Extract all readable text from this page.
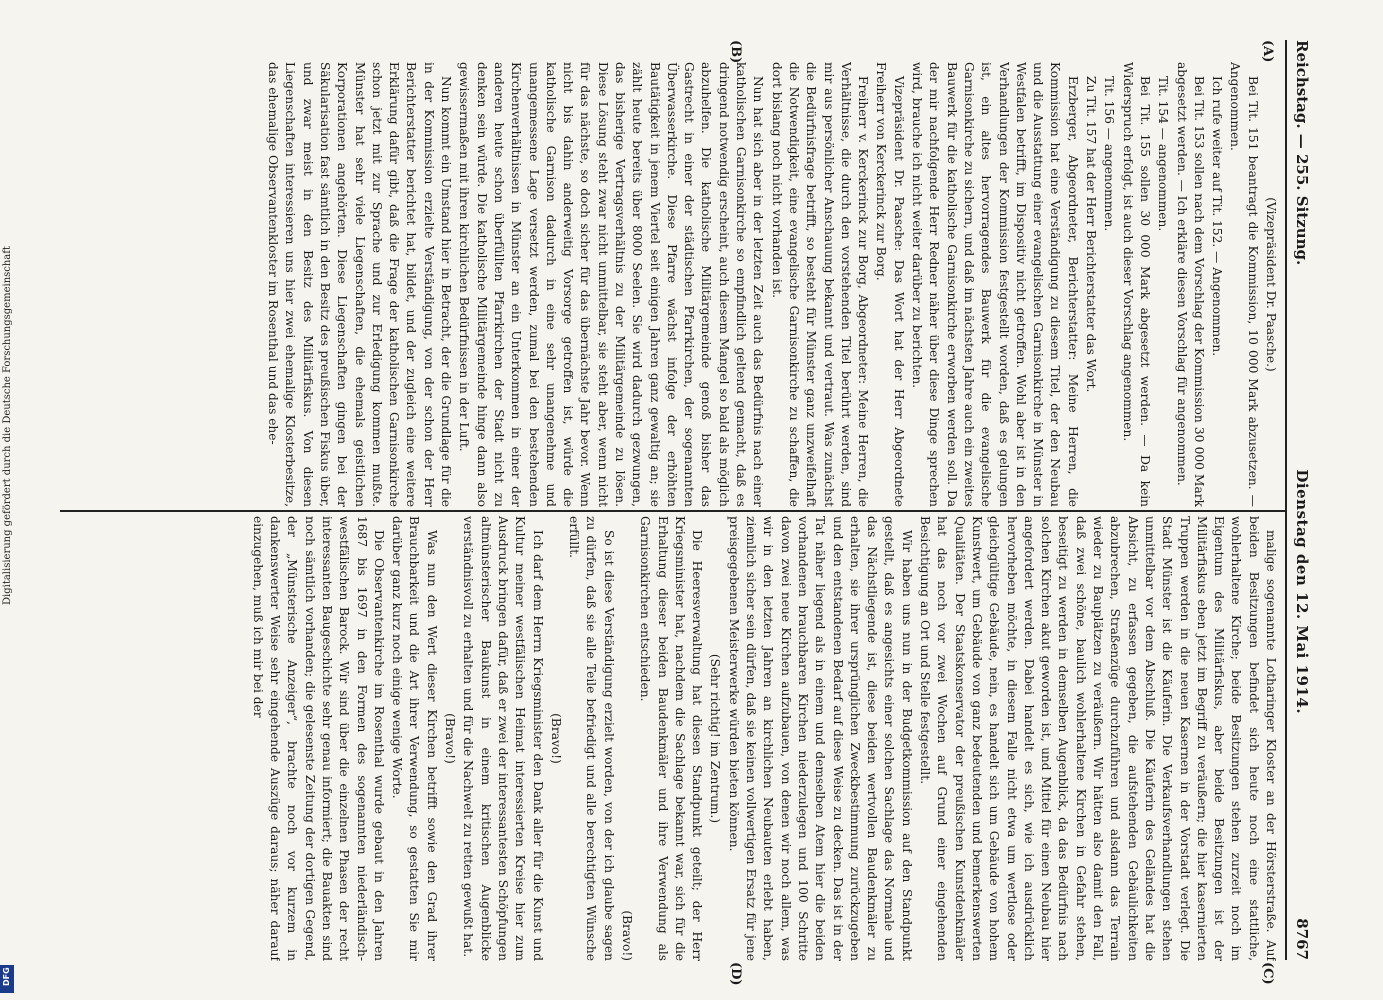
Reichstag. — 255. Sitzung.
Dienstag den 12. Mai 1914.
8767
(A)
(B)
(C)
(D)

(Vizepräsident Dr. Paasche.)

Bei Tit. 151 beantragt die Kommission, 10 000 Mark abzusetzen. — Angenommen.

Ich rufe weiter auf Tit. 152. — Angenommen.

Bei Tit. 153 sollen nach dem Vorschlag der Kommission 30 000 Mark abgesetzt werden. — Ich erkläre diesen Vorschlag für angenommen.

Tit. 154 — angenommen.

Bei Tit. 155 sollen 30 000 Mark abgesetzt werden. — Da kein Widerspruch erfolgt, ist auch dieser Vorschlag angenommen.

Tit. 156 — angenommen.

Zu Tit. 157 hat der Herr Berichterstatter das Wort.

Erzberger, Abgeordneter, Berichterstatter: Meine Herren, die Kommission hat eine Verständigung zu diesem Titel, der den Neubau und die Ausstattung einer evangelischen Garnisonkirche in Münster in Westfalen betrifft, im Dispositiv nicht getroffen. Wohl aber ist in den Verhandlungen der Kommission festgestellt worden, daß es gelungen ist, ein altes hervorragendes Bauwerk für die evangelische Garnisonkirche zu sichern, und daß im nächsten Jahre auch ein zweites Bauwerk für die katholische Garnisonkirche erworben werden soll. Da der mir nachfolgende Herr Redner näher über diese Dinge sprechen wird, brauche ich nicht weiter darüber zu berichten.

Vizepräsident Dr. Paasche: Das Wort hat der Herr Abgeordnete Freiherr von Kerckerinck zur Borg.

Freiherr v. Kerckerinck zur Borg, Abgeordneter: Meine Herren, die Verhältnisse, die durch den vorstehenden Titel berührt werden, sind mir aus persönlicher Anschauung bekannt und vertraut. Was zunächst die Bedürfnisfrage betrifft, so besteht für Münster ganz unzweifelhaft die Notwendigkeit, eine evangelische Garnisonkirche zu schaffen, die dort bislang noch nicht vorhanden ist.

Nun hat sich aber in der letzten Zeit auch das Bedürfnis nach einer katholischen Garnisonkirche so empfindlich geltend gemacht, daß es dringend notwendig erscheint, auch diesem Mangel so bald als möglich abzuhelfen. Die katholische Militärgemeinde genoß bisher das Gastrecht in einer der städtischen Pfarrkirchen, der sogenannten Überwasserkirche. Diese Pfarre wächst infolge der erhöhten Bautätigkeit in jenem Viertel seit einigen Jahren ganz gewaltig an; sie zählt heute bereits über 8000 Seelen. Sie wird dadurch gezwungen, das bisherige Vertragsverhältnis zu der Militärgemeinde zu lösen. Diese Lösung steht zwar nicht unmittelbar, sie steht aber, wenn nicht für das nächste, so doch sicher für das übernächste Jahr bevor. Wenn nicht bis dahin anderweitig Vorsorge getroffen ist, würde die katholische Garnison dadurch in eine sehr unangenehme und unangemessene Lage versetzt werden, zumal bei den bestehenden Kirchenverhältnissen in Münster an ein Unterkommen in einer der anderen heute schon überfüllten Pfarrkirchen der Stadt nicht zu denken sein würde. Die katholische Militärgemeinde hinge dann also gewissermaßen mit ihren kirchlichen Bedürfnissen in der Luft.

Nun kommt ein Umstand hier in Betracht, der die Grundlage für die in der Kommission erzielte Verständigung, von der schon der Herr Berichterstatter berichtet hat, bildet, und der zugleich eine weitere Erklärung dafür gibt, daß die Frage der katholischen Garnisonkirche schon jetzt mit zur Sprache und zur Erledigung kommen mußte. Münster hat sehr viele Liegenschaften, die ehemals geistlichen Korporationen angehörten. Diese Liegenschaften gingen bei der Säkularisation fast sämtlich in den Besitz des preußischen Fiskus über, und zwar meist in den Besitz des Militärfiskus. Von diesen Liegenschaften interessieren uns hier zwei ehemalige Klosterbesitze, das ehemalige Observantenkloster im Rosenthal und das ehe-

malige sogenannte Lotharinger Kloster an der Hörsterstraße. Auf beiden Besitzungen befindet sich heute noch eine stattliche, wohlerhaltene Kirche; beide Besitzungen stehen zurzeit noch im Eigentum des Militärfiskus, aber beide Besitzungen ist der Militärfiskus eben jetzt im Begriff zu veräußern; die hier kasernierten Truppen werden in die neuen Kasernen in der Vorstadt verlegt. Die Stadt Münster ist die Käuferin. Die Verkaufsverhandlungen stehen unmittelbar vor dem Abschluß. Die Käuferin des Geländes hat die Absicht, zu erfassen gegeben, die aufstehenden Gebäulichkeiten abzubrechen, Straßenzüge durchzuführen und alsdann das Terrain wieder zu Bauplätzen zu veräußern. Wir hätten also damit den Fall, daß zwei schöne, baulich wohlerhaltene Kirchen in Gefahr stehen, beseitigt zu werden in demselben Augenblick, da das Bedürfnis nach solchen Kirchen akut geworden ist, und Mittel für einen Neubau hier angefordert werden. Dabei handelt es sich, wie ich ausdrücklich hervorheben möchte, in diesem Falle nicht etwa um wertlose oder gleichgültige Gebäude, nein, es handelt sich um Gebäude von hohem Kunstwert, um Gebäude von ganz bedeutenden und bemerkenswerten Qualitäten. Der Staatskonservator der preußischen Kunstdenkmäler hat das noch vor zwei Wochen auf Grund einer eingehenden Besichtigung an Ort und Stelle festgestellt.

Wir haben uns nun in der Budgetkommission auf den Standpunkt gestellt, daß es angesichts einer solchen Sachlage das Normale und das Nächstliegende ist, diese beiden wertvollen Baudenkmäler zu erhalten, sie ihrer ursprünglichen Zweckbestimmung zurückzugeben und den entstandenen Bedarf auf diese Weise zu decken. Das ist in der Tat näher liegend als in einem und demselben Atem hier die beiden vorhandenen brauchbaren Kirchen niederzulegen und 100 Schritte davon zwei neue Kirchen aufzubauen, von denen wir noch allem, was wir in den letzten Jahren an kirchlichen Neubauten erlebt haben, ziemlich sicher sein dürfen, daß sie keinen vollwertigen Ersatz für jene preisgegebenen Meisterwerke würden bieten können.

(Sehr richtig! im Zentrum.)

Die Heeresverwaltung hat diesen Standpunkt geteilt; der Herr Kriegsminister hat, nachdem die Sachlage bekannt war, sich für die Erhaltung dieser beiden Baudenkmäler und ihre Verwendung als Garnisonkirchen entschieden.

(Bravo!)

So ist diese Verständigung erzielt worden, von der ich glaube sagen zu dürfen, daß sie alle Teile befriedigt und alle berechtigten Wünsche erfüllt.

(Bravo!)

Ich darf dem Herrn Kriegsminister den Dank aller für die Kunst und Kultur meiner westfälischen Heimat interessierten Kreise hier zum Ausdruck bringen dafür, daß er zwei der interessantesten Schöpfungen altmünsterischer Baukunst in einem kritischen Augenblicke verständnisvoll zu erhalten und für die Nachwelt zu retten gewußt hat.

(Bravo!)

Was nun den Wert dieser Kirchen betrifft sowie den Grad ihrer Brauchbarkeit und die Art ihrer Verwendung, so gestatten Sie mir darüber ganz kurz noch einige wenige Worte.

Die Observantenkirche im Rosenthal wurde gebaut in den Jahren 1687 bis 1697 in den Formen des sogenannten niederländisch-westfälischen Barock. Wir sind über die einzelnen Phasen der recht interessanten Baugeschichte sehr genau informiert; die Bauakten sind noch sämtlich vorhanden; die gelesenste Zeitung der dortigen Gegend, der „Münsterische Anzeiger“, brachte noch vor kurzem in dankenswerter Weise sehr eingehende Auszüge daraus; näher darauf einzugehen, muß ich mir bei der

Digitalisierung gefördert durch die Deutsche Forschungsgemeinschaft
DFG
